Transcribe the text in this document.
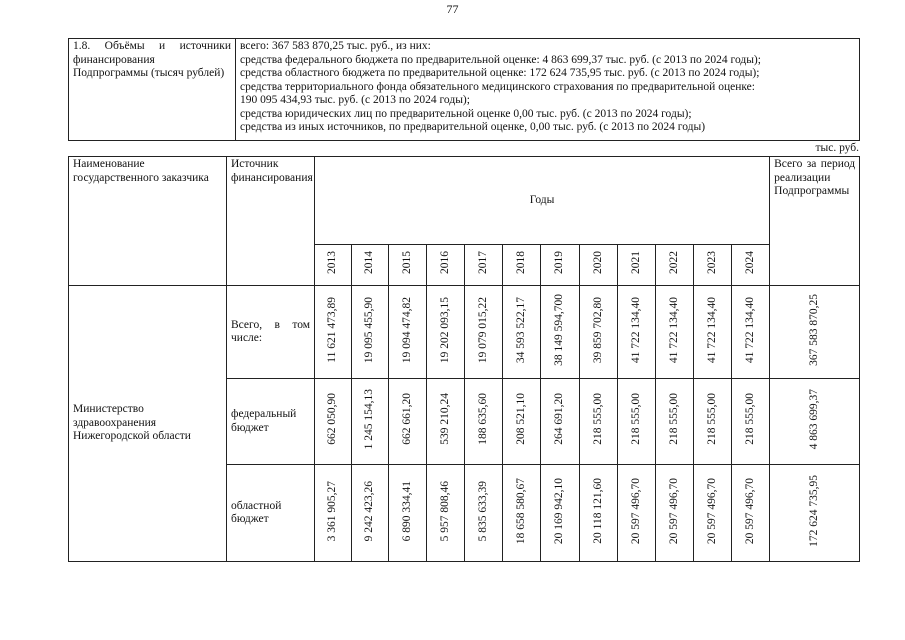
77
1.8. Объёмы и источники финансирования Подпрограммы (тысяч рублей)	
всего: 367 583 870,25 тыс. руб., из них:
средства федерального бюджета по предварительной оценке: 4 863 699,37 тыс. руб. (с 2013 по 2024 годы);
средства областного бюджета по предварительной оценке: 172 624 735,95 тыс. руб. (с 2013 по 2024 годы);
средства территориального фонда обязательного медицинского страхования по предварительной оценке:
190 095 434,93 тыс. руб. (с 2013 по 2024 годы);
средства юридических лиц по предварительной оценке 0,00 тыс. руб. (с 2013 по 2024 годы);
средства из иных источников, по предварительной оценке, 0,00 тыс. руб. (с 2013 по 2024 годы)
тыс. руб.
Наименование государственного заказчика	Источник финансирования	Годы												Всего за период реализации Подпрограммы
		2013	2014	2015	2016	2017	2018	2019	2020	2021	2022	2023	2024	
Министерство здравоохранения Нижегородской области	Всего, в том числе:	11 621 473,89	19 095 455,90	19 094 474,82	19 202 093,15	19 079 015,22	34 593 522,17	38 149 594,700	39 859 702,80	41 722 134,40	41 722 134,40	41 722 134,40	41 722 134,40	367 583 870,25
	федеральный бюджет	662 050,90	1 245 154,13	662 661,20	539 210,24	188 635,60	208 521,10	264 691,20	218 555,00	218 555,00	218 555,00	218 555,00	218 555,00	4 863 699,37
	областной бюджет	3 361 905,27	9 242 423,26	6 890 334,41	5 957 808,46	5 835 633,39	18 658 580,67	20 169 942,10	20 118 121,60	20 597 496,70	20 597 496,70	20 597 496,70	20 597 496,70	172 624 735,95
